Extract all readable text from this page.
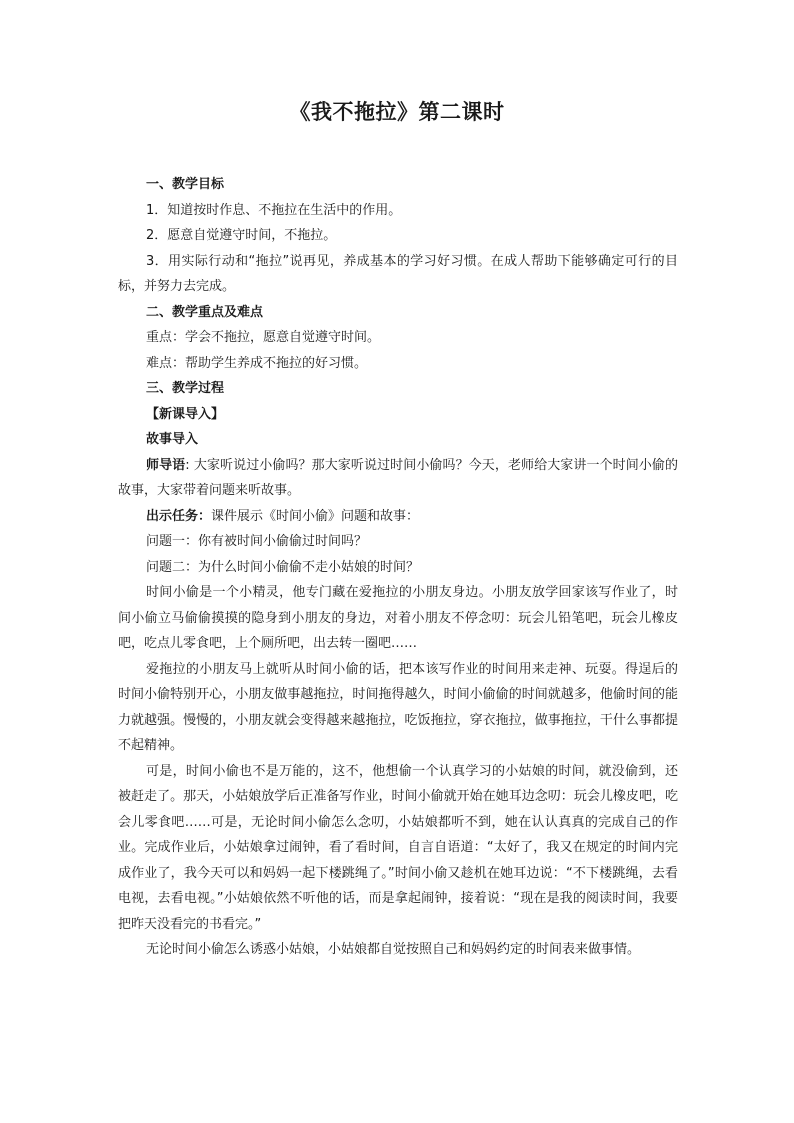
《我不拖拉》第二课时

一、教学目标

1．知道按时作息、不拖拉在生活中的作用。

2．愿意自觉遵守时间，不拖拉。

3．用实际行动和“拖拉”说再见，养成基本的学习好习惯。在成人帮助下能够确定可行的目标，并努力去完成。

二、教学重点及难点

重点：学会不拖拉，愿意自觉遵守时间。

难点：帮助学生养成不拖拉的好习惯。

三、教学过程

【新课导入】

故事导入

师导语: 大家听说过小偷吗？那大家听说过时间小偷吗？今天，老师给大家讲一个时间小偷的故事，大家带着问题来听故事。

出示任务：课件展示《时间小偷》问题和故事：

问题一：你有被时间小偷偷过时间吗？

问题二：为什么时间小偷偷不走小姑娘的时间？

时间小偷是一个小精灵，他专门藏在爱拖拉的小朋友身边。小朋友放学回家该写作业了，时间小偷立马偷偷摸摸的隐身到小朋友的身边，对着小朋友不停念叨：玩会儿铅笔吧，玩会儿橡皮吧，吃点儿零食吧，上个厕所吧，出去转一圈吧……

爱拖拉的小朋友马上就听从时间小偷的话，把本该写作业的时间用来走神、玩耍。得逞后的时间小偷特别开心，小朋友做事越拖拉，时间拖得越久，时间小偷偷的时间就越多，他偷时间的能力就越强。慢慢的，小朋友就会变得越来越拖拉，吃饭拖拉，穿衣拖拉，做事拖拉，干什么事都提不起精神。

可是，时间小偷也不是万能的，这不，他想偷一个认真学习的小姑娘的时间，就没偷到，还被赶走了。那天，小姑娘放学后正准备写作业，时间小偷就开始在她耳边念叨：玩会儿橡皮吧，吃会儿零食吧……可是，无论时间小偷怎么念叨，小姑娘都听不到，她在认认真真的完成自己的作业。完成作业后，小姑娘拿过闹钟，看了看时间，自言自语道：“太好了，我又在规定的时间内完成作业了，我今天可以和妈妈一起下楼跳绳了。”时间小偷又趁机在她耳边说：“不下楼跳绳，去看电视，去看电视。”小姑娘依然不听他的话，而是拿起闹钟，接着说：“现在是我的阅读时间，我要把昨天没看完的书看完。”

无论时间小偷怎么诱惑小姑娘，小姑娘都自觉按照自己和妈妈约定的时间表来做事情。
